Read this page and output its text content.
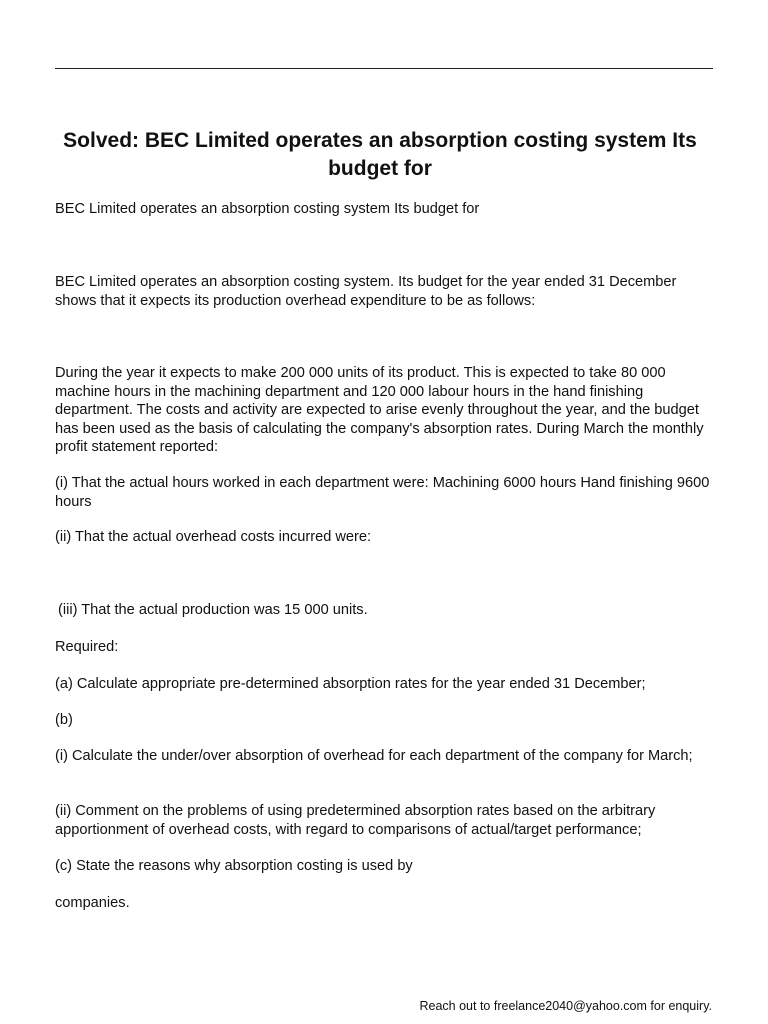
Solved: BEC Limited operates an absorption costing system Its budget for

BEC Limited operates an absorption costing system Its budget for

BEC Limited operates an absorption costing system. Its budget for the year ended 31 December shows that it expects its production overhead expenditure to be as follows:

During the year it expects to make 200 000 units of its product. This is expected to take 80 000 machine hours in the machining department and 120 000 labour hours in the hand finishing department. The costs and activity are expected to arise evenly throughout the year, and the budget has been used as the basis of calculating the company's absorption rates. During March the monthly profit statement reported:

(i) That the actual hours worked in each department were: Machining 6000 hours Hand finishing 9600 hours

(ii) That the actual overhead costs incurred were:

(iii) That the actual production was 15 000 units.

Required:

(a) Calculate appropriate pre-determined absorption rates for the year ended 31 December;

(b)

(i) Calculate the under/over absorption of overhead for each department of the company for March;

(ii) Comment on the problems of using predetermined absorption rates based on the arbitrary apportionment of overhead costs, with regard to comparisons of actual/target performance;

(c) State the reasons why absorption costing is used by

companies.

Reach out to freelance2040@yahoo.com for enquiry.
